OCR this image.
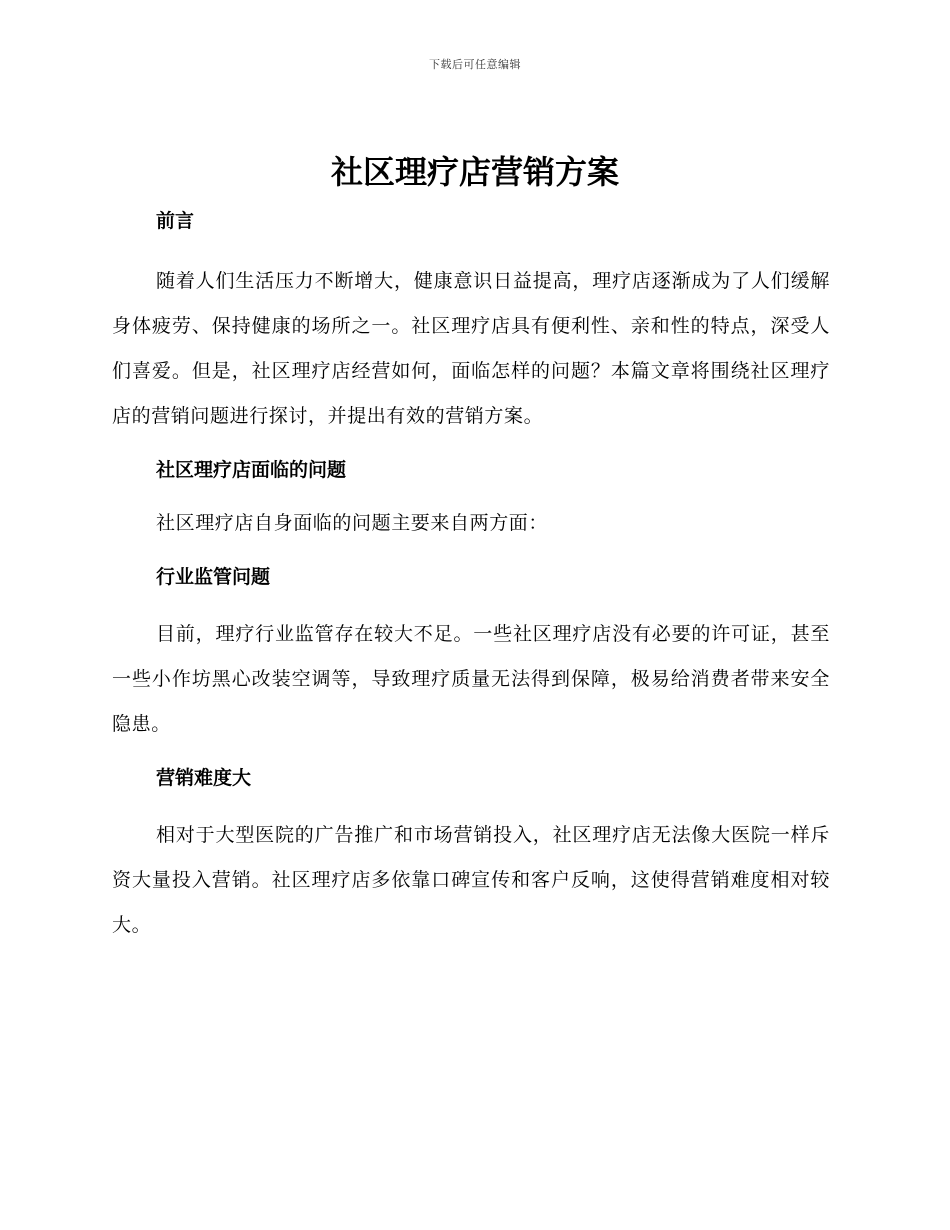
下载后可任意编辑
社区理疗店营销方案
前言

随着人们生活压力不断增大，健康意识日益提高，理疗店逐渐成为了人们缓解身体疲劳、保持健康的场所之一。社区理疗店具有便利性、亲和性的特点，深受人们喜爱。但是，社区理疗店经营如何，面临怎样的问题？本篇文章将围绕社区理疗店的营销问题进行探讨，并提出有效的营销方案。

社区理疗店面临的问题

社区理疗店自身面临的问题主要来自两方面：

行业监管问题

目前，理疗行业监管存在较大不足。一些社区理疗店没有必要的许可证，甚至一些小作坊黑心改装空调等，导致理疗质量无法得到保障，极易给消费者带来安全隐患。

营销难度大

相对于大型医院的广告推广和市场营销投入，社区理疗店无法像大医院一样斥资大量投入营销。社区理疗店多依靠口碑宣传和客户反响，这使得营销难度相对较大。
